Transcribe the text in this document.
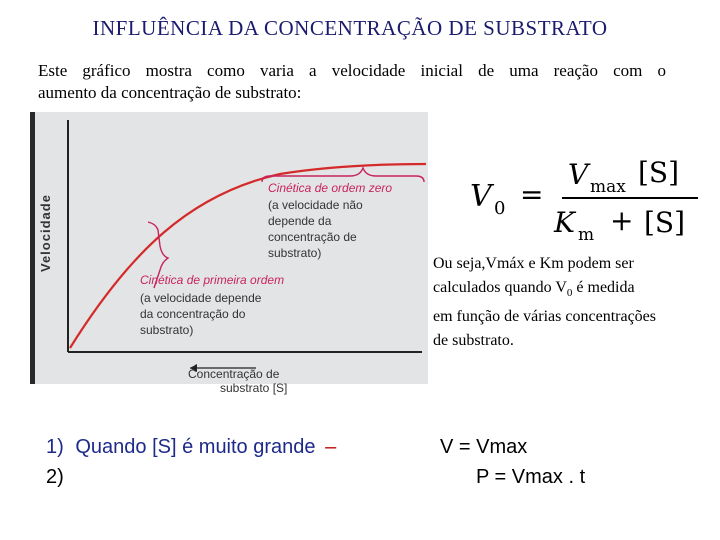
INFLUÊNCIA DA CONCENTRAÇÃO DE SUBSTRATO
Este gráfico mostra como varia a velocidade inicial de uma reação com o
aumento da concentração de substrato:
Velocidade
Concentração de
substrato [S]
Cinética de ordem zero
(a velocidade não
depende da
concentração de
substrato)
Cinética de primeira ordem
(a velocidade depende
da concentração do
substrato)
V 0 =
V max [S]
K m + [S]
Ou seja,Vmáx e Km podem ser
calculados quando $V_0$ é medida
em função de várias concentrações
de substrato.
1) Quando [S] é muito grande –
2)
V = Vmax
P = Vmax . t
